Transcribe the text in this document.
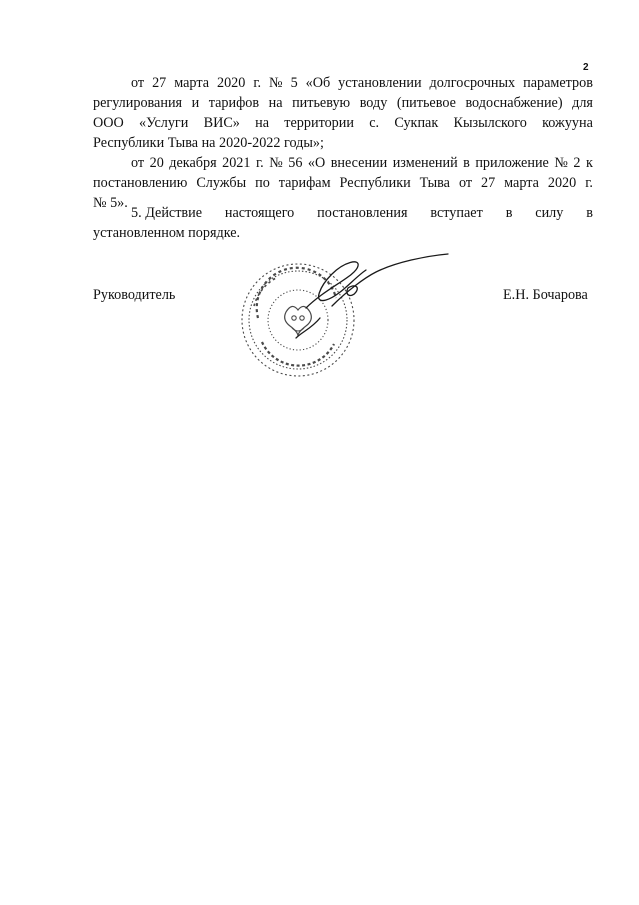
2
от 27 марта 2020 г. № 5 «Об установлении долгосрочных параметров
регулирования и тарифов на питьевую воду (питьевое водоснабжение) для
ООО «Услуги ВИС» на территории с. Сукпак Кызылского кожууна
Республики Тыва на 2020-2022 годы»;
от 20 декабря 2021 г. № 56 «О внесении изменений в приложение № 2 к
постановлению Службы по тарифам Республики Тыва от 27 марта 2020 г.
№ 5».
5. Действие настоящего постановления вступает в силу в
установленном порядке.
Руководитель	Е.Н. Бочарова
